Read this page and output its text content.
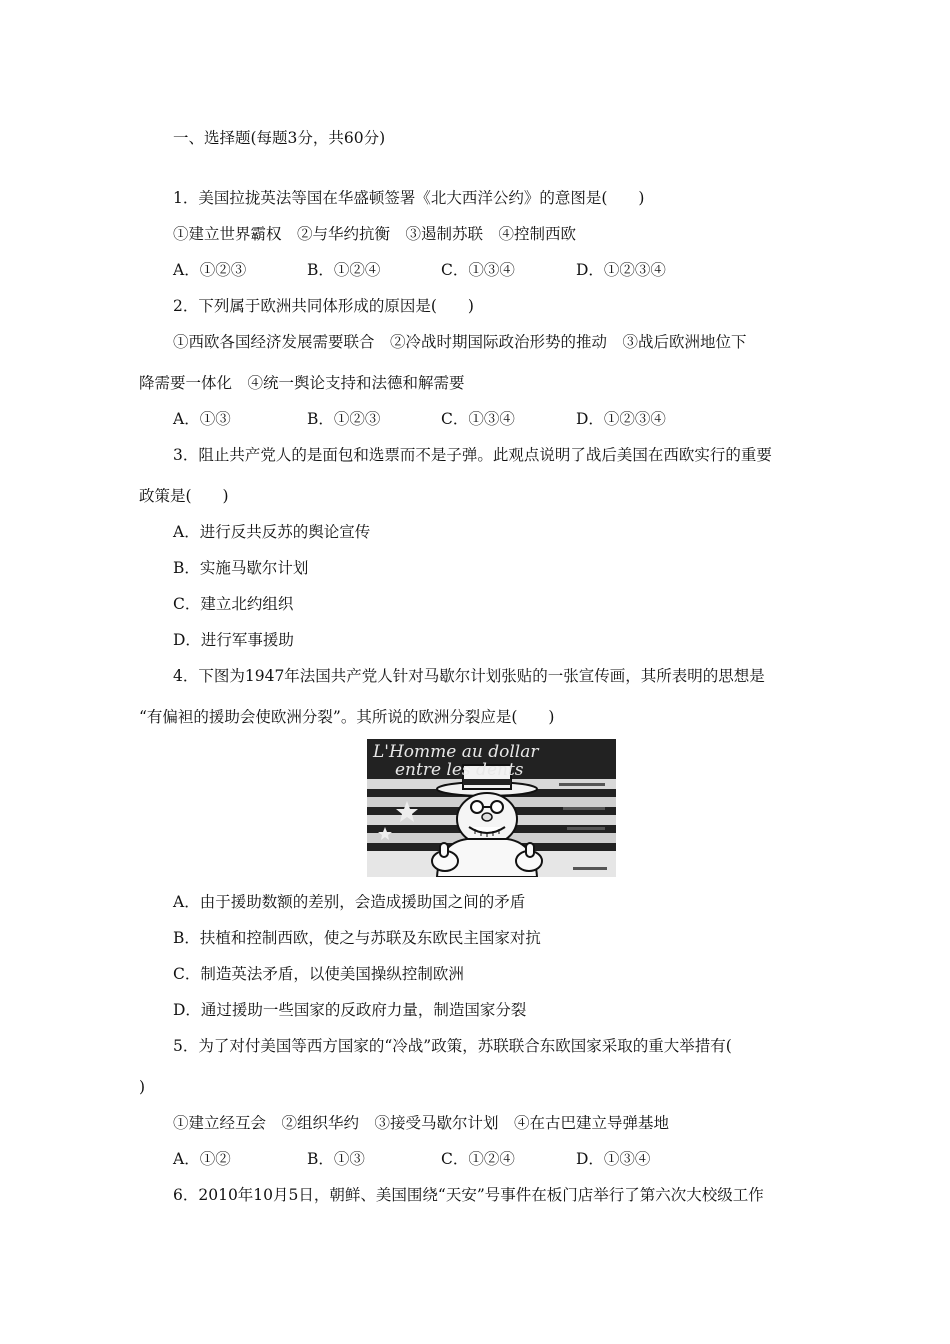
一、选择题(每题3分，共60分)
1．美国拉拢英法等国在华盛顿签署《北大西洋公约》的意图是(　　)
①建立世界霸权　②与华约抗衡　③遏制苏联　④控制西欧
A．①②③	B．①②④	C．①③④	D．①②③④
2．下列属于欧洲共同体形成的原因是(　　)
①西欧各国经济发展需要联合　②冷战时期国际政治形势的推动　③战后欧洲地位下
降需要一体化　④统一舆论支持和法德和解需要
A．①③	B．①②③	C．①③④	D．①②③④
3．阻止共产党人的是面包和选票而不是子弹。此观点说明了战后美国在西欧实行的重要
政策是(　　)
A．进行反共反苏的舆论宣传
B．实施马歇尔计划
C．建立北约组织
D．进行军事援助
4．下图为1947年法国共产党人针对马歇尔计划张贴的一张宣传画，其所表明的思想是
“有偏袒的援助会使欧洲分裂”。其所说的欧洲分裂应是(　　)
L'Homme au dollar
entre les dents
A．由于援助数额的差别，会造成援助国之间的矛盾
B．扶植和控制西欧，使之与苏联及东欧民主国家对抗
C．制造英法矛盾，以使美国操纵控制欧洲
D．通过援助一些国家的反政府力量，制造国家分裂
5．为了对付美国等西方国家的“冷战”政策，苏联联合东欧国家采取的重大举措有(
)
①建立经互会　②组织华约　③接受马歇尔计划　④在古巴建立导弹基地
A．①②	B．①③	C．①②④	D．①③④
6．2010年10月5日，朝鲜、美国围绕“天安”号事件在板门店举行了第六次大校级工作
